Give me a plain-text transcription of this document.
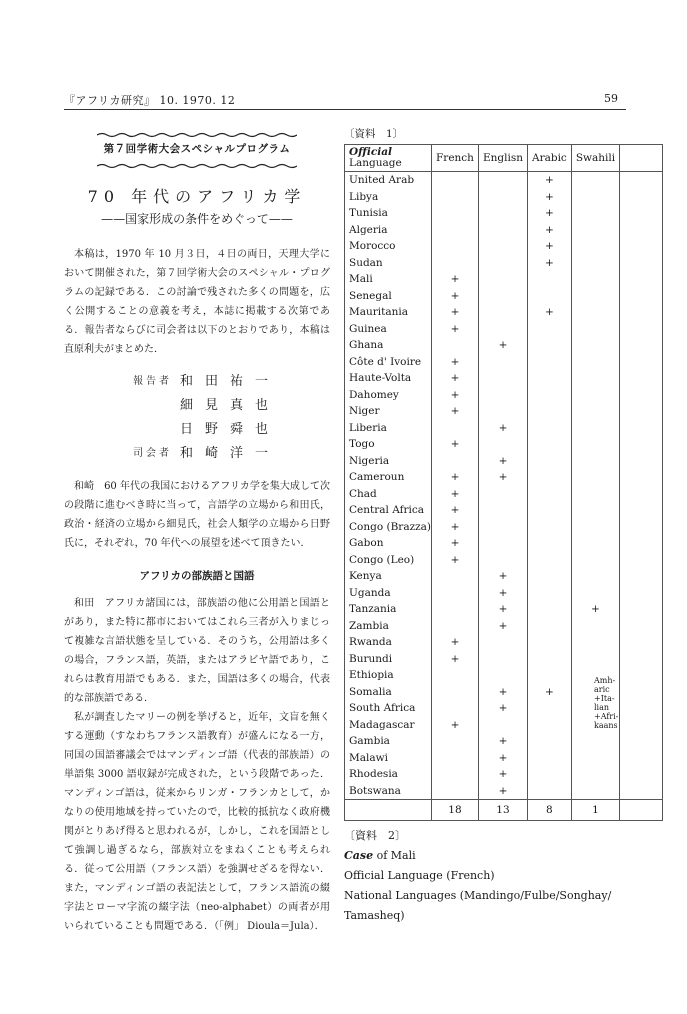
『アフリカ研究』 10. 1970. 12	59
第７回学術大会スペシャルプログラム
70 年代のアフリカ学
——国家形成の条件をめぐって——

本稿は，1970 年 10 月３日，４日の両日，天理大学において開催された，第７回学術大会のスペシャル・プログラムの記録である．この討論で残された多くの問題を，広く公開することの意義を考え，本誌に掲載する次第である．報告者ならびに司会者は以下のとおりであり，本稿は直原利夫がまとめた．

報告者 和田祐一
細見真也
日野舜也
司会者 和崎洋一

和崎　60 年代の我国におけるアフリカ学を集大成して次の段階に進むべき時に当って，言語学の立場から和田氏，政治・経済の立場から細見氏，社会人類学の立場から日野氏に，それぞれ，70 年代への展望を述べて頂きたい．

アフリカの部族語と国語

和田　アフリカ諸国には，部族語の他に公用語と国語とがあり，また特に都市においてはこれら三者が入りまじって複雑な言語状態を呈している．そのうち，公用語は多くの場合，フランス語，英語，またはアラビヤ語であり，これらは教育用語でもある．また，国語は多くの場合，代表的な部族語である．

私が調査したマリーの例を挙げると，近年，文盲を無くする運動（すなわちフランス語教育）が盛んになる一方，同国の国語審議会ではマンディンゴ語（代表的部族語）の単語集 3000 語収録が完成された，という段階であった．マンディンゴ語は，従来からリンガ・フランカとして，かなりの使用地域を持っていたので，比較的抵抗なく政府機関がとりあげ得ると思われるが，しかし，これを国語として強調し過ぎるなら，部族対立をまねくことも考えられる．従って公用語（フランス語）を強調せざるを得ない．また，マンディンゴ語の表記法として，フランス語流の綴字法とローマ字流の綴字法（neo-alphabet）の両者が用いられていることも問題である．（「例」 Dioula＝Jula）．

〔資料　1〕
Official
Language	French	Englisn	Arabic	Swahili	
United Arab			+		
Libya			+		
Tunisia			+		
Algeria			+		
Morocco			+		
Sudan			+		
Mali	+				
Senegal	+				
Mauritania	+		+		
Guinea	+				
Ghana		+			
Côte d' Ivoire	+				
Haute-Volta	+				
Dahomey	+				
Niger	+				
Liberia		+			
Togo	+				
Nigeria		+			
Cameroun	+	+			
Chad	+				
Central Africa	+				
Congo (Brazza)	+				
Gabon	+				
Congo (Leo)	+				
Kenya		+			
Uganda		+			
Tanzania		+		+	
Zambia		+			
Rwanda	+				
Burundi	+				
Ethiopia					
Somalia		+	+		
South Africa		+			
Madagascar	+				
Gambia		+			
Malawi		+			
Rhodesia		+			
Botswana		+			
	18	13	8	1	
Amh-aric +Ita-lian +Afri-kaans
〔資料　2〕
Case of Mali
Official Language (French)
National Languages (Mandingo/Fulbe/Songhay/ Tamasheq)
